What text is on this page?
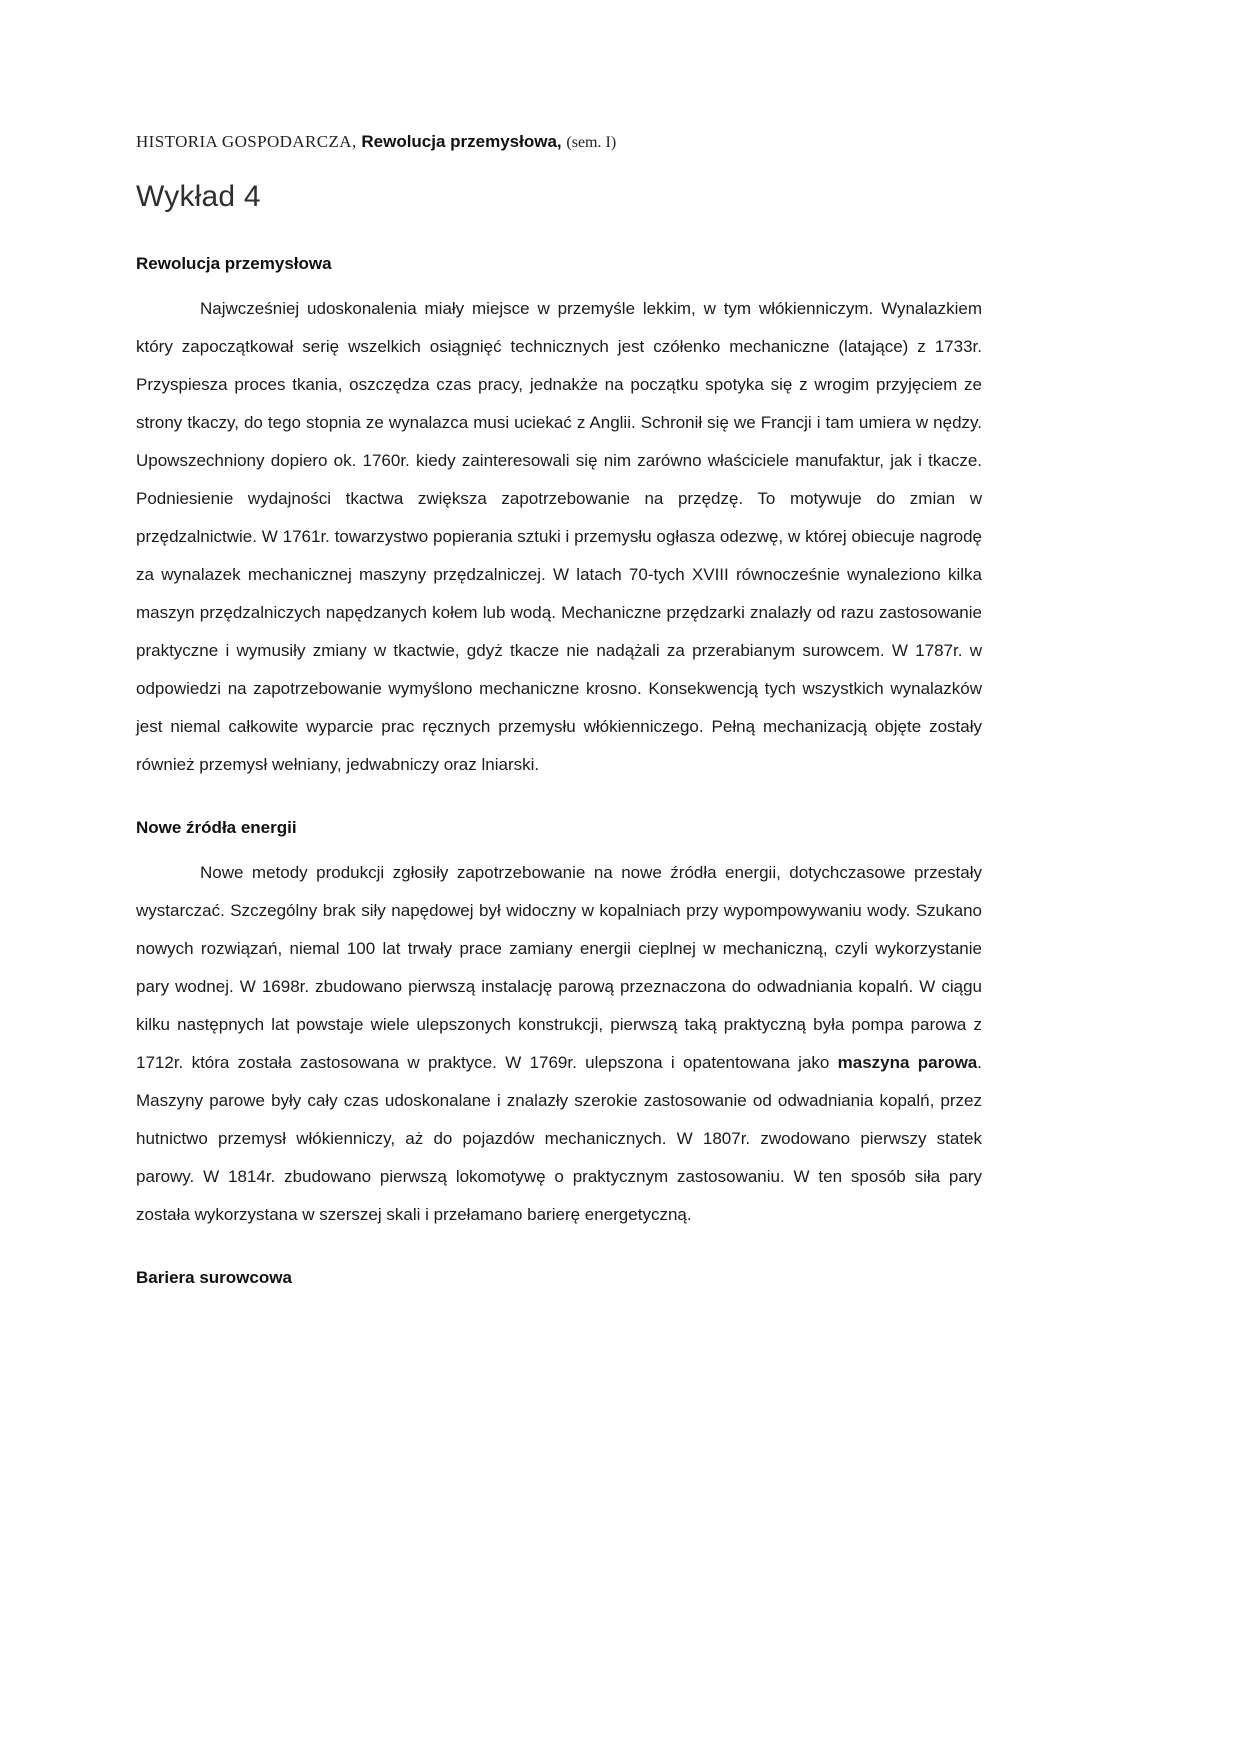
HISTORIA GOSPODARCZA, Rewolucja przemysłowa, (sem. I)
Wykład 4
Rewolucja przemysłowa

Najwcześniej udoskonalenia miały miejsce w przemyśle lekkim, w tym włókienniczym. Wynalazkiem który zapoczątkował serię wszelkich osiągnięć technicznych jest czółenko mechaniczne (latające) z 1733r. Przyspiesza proces tkania, oszczędza czas pracy, jednakże na początku spotyka się z wrogim przyjęciem ze strony tkaczy, do tego stopnia ze wynalazca musi uciekać z Anglii. Schronił się we Francji i tam umiera w nędzy. Upowszechniony dopiero ok. 1760r. kiedy zainteresowali się nim zarówno właściciele manufaktur, jak i tkacze. Podniesienie wydajności tkactwa zwiększa zapotrzebowanie na przędzę. To motywuje do zmian w przędzalnictwie. W 1761r. towarzystwo popierania sztuki i przemysłu ogłasza odezwę, w której obiecuje nagrodę za wynalazek mechanicznej maszyny przędzalniczej. W latach 70-tych XVIII równocześnie wynaleziono kilka maszyn przędzalniczych napędzanych kołem lub wodą. Mechaniczne przędzarki znalazły od razu zastosowanie praktyczne i wymusiły zmiany w tkactwie, gdyż tkacze nie nadążali za przerabianym surowcem. W 1787r. w odpowiedzi na zapotrzebowanie wymyślono mechaniczne krosno. Konsekwencją tych wszystkich wynalazków jest niemal całkowite wyparcie prac ręcznych przemysłu włókienniczego. Pełną mechanizacją objęte zostały również przemysł wełniany, jedwabniczy oraz lniarski.

Nowe źródła energii

Nowe metody produkcji zgłosiły zapotrzebowanie na nowe źródła energii, dotychczasowe przestały wystarczać. Szczególny brak siły napędowej był widoczny w kopalniach przy wypompowywaniu wody. Szukano nowych rozwiązań, niemal 100 lat trwały prace zamiany energii cieplnej w mechaniczną, czyli wykorzystanie pary wodnej. W 1698r. zbudowano pierwszą instalację parową przeznaczona do odwadniania kopalń. W ciągu kilku następnych lat powstaje wiele ulepszonych konstrukcji, pierwszą taką praktyczną była pompa parowa z 1712r. która została zastosowana w praktyce. W 1769r. ulepszona i opatentowana jako maszyna parowa. Maszyny parowe były cały czas udoskonalane i znalazły szerokie zastosowanie od odwadniania kopalń, przez hutnictwo przemysł włókienniczy, aż do pojazdów mechanicznych. W 1807r. zwodowano pierwszy statek parowy. W 1814r. zbudowano pierwszą lokomotywę o praktycznym zastosowaniu. W ten sposób siła pary została wykorzystana w szerszej skali i przełamano barierę energetyczną.

Bariera surowcowa
